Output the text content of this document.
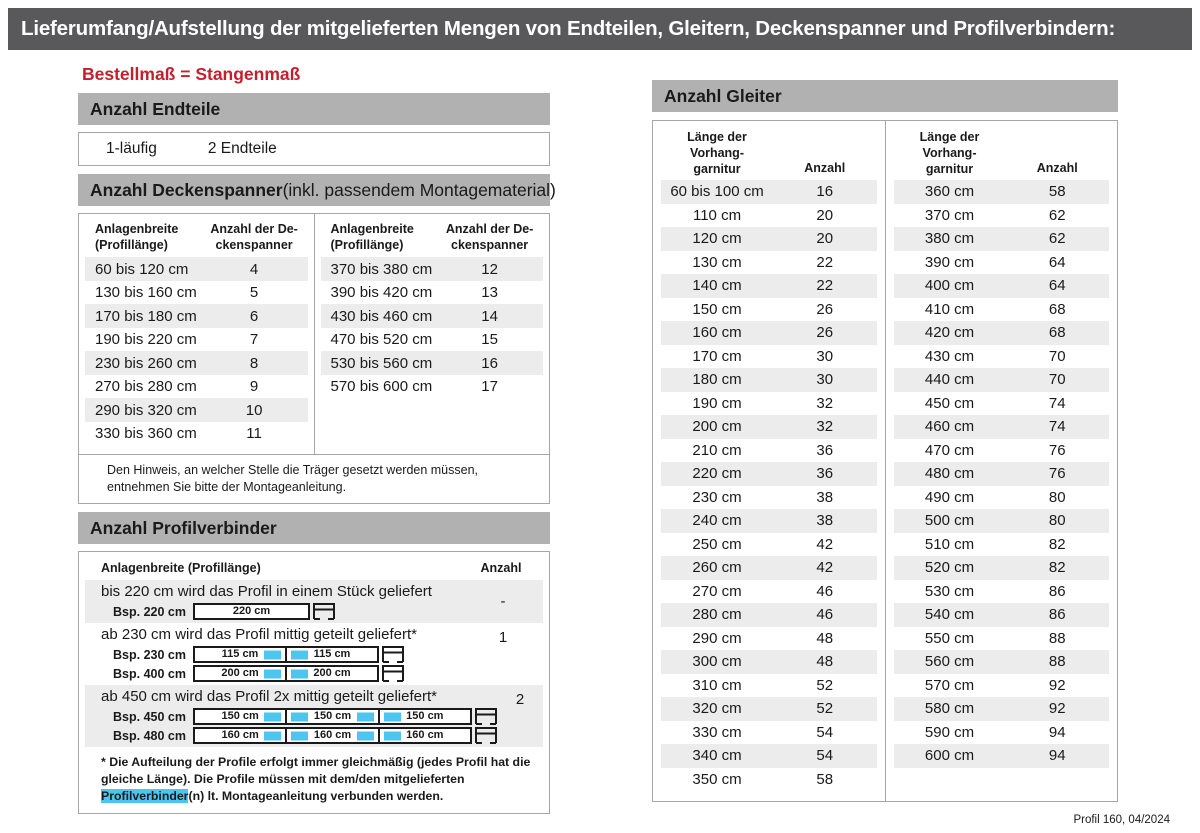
Lieferumfang/Aufstellung der mitgelieferten Mengen von Endteilen, Gleitern, Deckenspanner und Profilverbindern:
Bestellmaß = Stangenmaß
Anzahl Endteile
1-läufig	2 Endteile
Anzahl Deckenspanner (inkl. passendem Montagematerial)
Anlagenbreite
(Profillänge)
Anzahl der De-
ckenspanner
60 bis 120 cm	4
130 bis 160 cm	5
170 bis 180 cm	6
190 bis 220 cm	7
230 bis 260 cm	8
270 bis 280 cm	9
290 bis 320 cm	10
330 bis 360 cm	11
Anlagenbreite
(Profillänge)
Anzahl der De-
ckenspanner
370 bis 380 cm	12
390 bis 420 cm	13
430 bis 460 cm	14
470 bis 520 cm	15
530 bis 560 cm	16
570 bis 600 cm	17
Den Hinweis, an welcher Stelle die Träger gesetzt werden müssen, entnehmen Sie bitte der Montageanleitung.
Anzahl Profilverbinder
Anlagenbreite (Profillänge)	Anzahl
bis 220 cm wird das Profil in einem Stück geliefert
Bsp. 220 cm	220 cm
-
ab 230 cm wird das Profil mittig geteilt geliefert*
Bsp. 230 cm	115 cm	115 cm
Bsp. 400 cm	200 cm	200 cm
1
ab 450 cm wird das Profil 2x mittig geteilt geliefert*
Bsp. 450 cm	150 cm	150 cm	150 cm
Bsp. 480 cm	160 cm	160 cm	160 cm
2
* Die Aufteilung der Profile erfolgt immer gleichmäßig (jedes Profil hat die gleiche Länge). Die Profile müssen mit dem/den mitgelieferten Profilverbinder(n) lt. Montageanleitung verbunden werden.
Anzahl Gleiter
Länge der
Vorhang-
garnitur	Anzahl
60 bis 100 cm	16
110 cm	20
120 cm	20
130 cm	22
140 cm	22
150 cm	26
160 cm	26
170 cm	30
180 cm	30
190 cm	32
200 cm	32
210 cm	36
220 cm	36
230 cm	38
240 cm	38
250 cm	42
260 cm	42
270 cm	46
280 cm	46
290 cm	48
300 cm	48
310 cm	52
320 cm	52
330 cm	54
340 cm	54
350 cm	58
Länge der
Vorhang-
garnitur	Anzahl
360 cm	58
370 cm	62
380 cm	62
390 cm	64
400 cm	64
410 cm	68
420 cm	68
430 cm	70
440 cm	70
450 cm	74
460 cm	74
470 cm	76
480 cm	76
490 cm	80
500 cm	80
510 cm	82
520 cm	82
530 cm	86
540 cm	86
550 cm	88
560 cm	88
570 cm	92
580 cm	92
590 cm	94
600 cm	94
Profil 160, 04/2024
